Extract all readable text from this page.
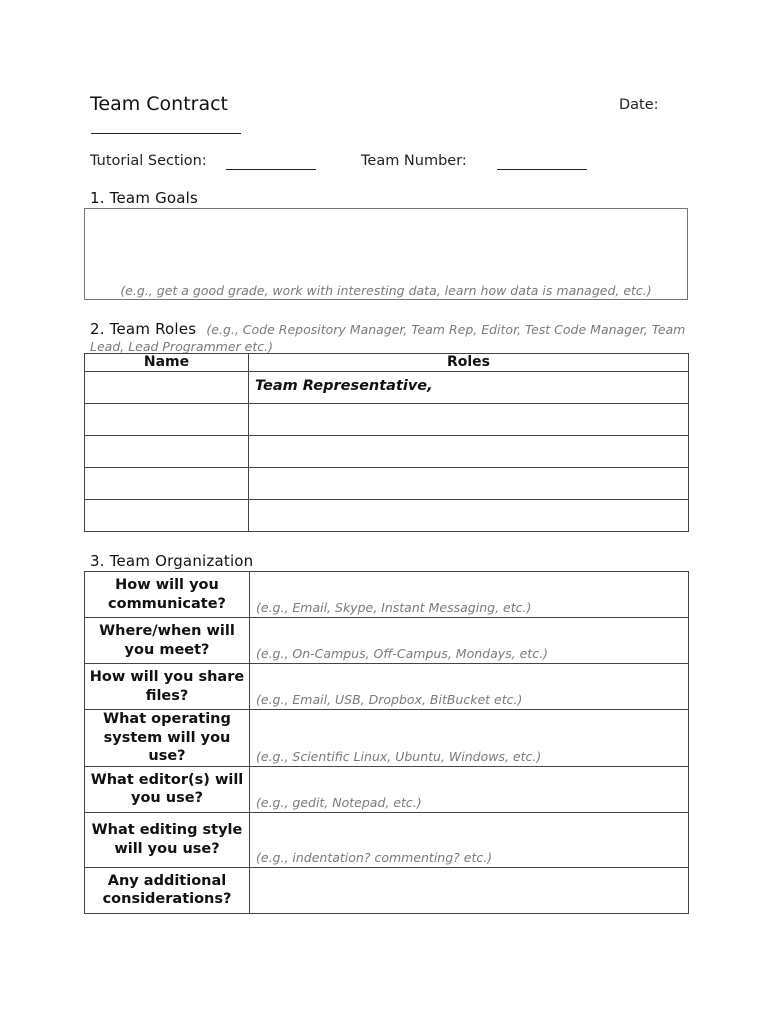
Team Contract	Date:
Tutorial Section:	Team Number:
1. Team Goals
(e.g., get a good grade, work with interesting data, learn how data is managed, etc.)
2. Team Roles (e.g., Code Repository Manager, Team Rep, Editor, Test Code Manager, Team Lead, Lead Programmer etc.)
Name	Roles
	Team Representative,

3. Team Organization
How will you communicate?	(e.g., Email, Skype, Instant Messaging, etc.)
Where/when will you meet?	(e.g., On-Campus, Off-Campus, Mondays, etc.)
How will you share files?	(e.g., Email, USB, Dropbox, BitBucket etc.)
What operating system will you use?	(e.g., Scientific Linux, Ubuntu, Windows, etc.)
What editor(s) will you use?	(e.g., gedit, Notepad, etc.)
What editing style will you use?	(e.g., indentation? commenting? etc.)
Any additional considerations?	
